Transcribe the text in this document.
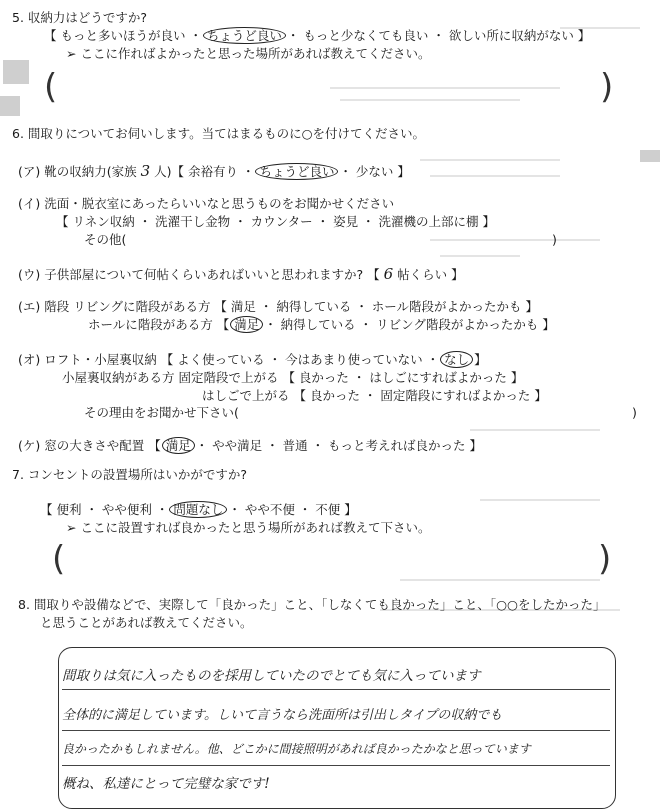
5. 収納力はどうですか?
【 もっと多いほうが良い ・ ちょうど良い ・ もっと少なくても良い ・ 欲しい所に収納がない 】
➢ ここに作ればよかったと思った場所があれば教えてください。
(	)
6. 間取りについてお伺いします。当てはまるものに○を付けてください。
(ア) 靴の収納力(家族 3 人)【 余裕有り ・ ちょうど良い ・ 少ない 】
(イ) 洗面・脱衣室にあったらいいなと思うものをお聞かせください
【 リネン収納 ・ 洗濯干し金物 ・ カウンター ・ 姿見 ・ 洗濯機の上部に棚 】
その他(	)
(ウ) 子供部屋について何帖くらいあればいいと思われますか? 【 6 帖くらい 】
(エ) 階段 リビングに階段がある方 【 満足 ・ 納得している ・ ホール階段がよかったかも 】
ホールに階段がある方 【 満足 ・ 納得している ・ リビング階段がよかったかも 】
(オ) ロフト・小屋裏収納 【 よく使っている ・ 今はあまり使っていない ・ なし 】
小屋裏収納がある方 固定階段で上がる 【 良かった ・ はしごにすればよかった 】
はしごで上がる 【 良かった ・ 固定階段にすればよかった 】
その理由をお聞かせ下さい(	)
(ケ) 窓の大きさや配置 【 満足 ・ やや満足 ・ 普通 ・ もっと考えれば良かった 】
7. コンセントの設置場所はいかがですか?
【 便利 ・ やや便利 ・ 問題なし ・ やや不便 ・ 不便 】
➢ ここに設置すれば良かったと思う場所があれば教えて下さい。
(	)
8. 間取りや設備などで、実際して「良かった」こと、「しなくても良かった」こと、「○○をしたかった」
と思うことがあれば教えてください。
間取りは気に入ったものを採用していたのでとても気に入っています
全体的に満足しています。しいて言うなら洗面所は引出しタイプの収納でも
良かったかもしれません。他、どこかに間接照明があれば良かったかなと思っています
概ね、私達にとって完璧な家です!
